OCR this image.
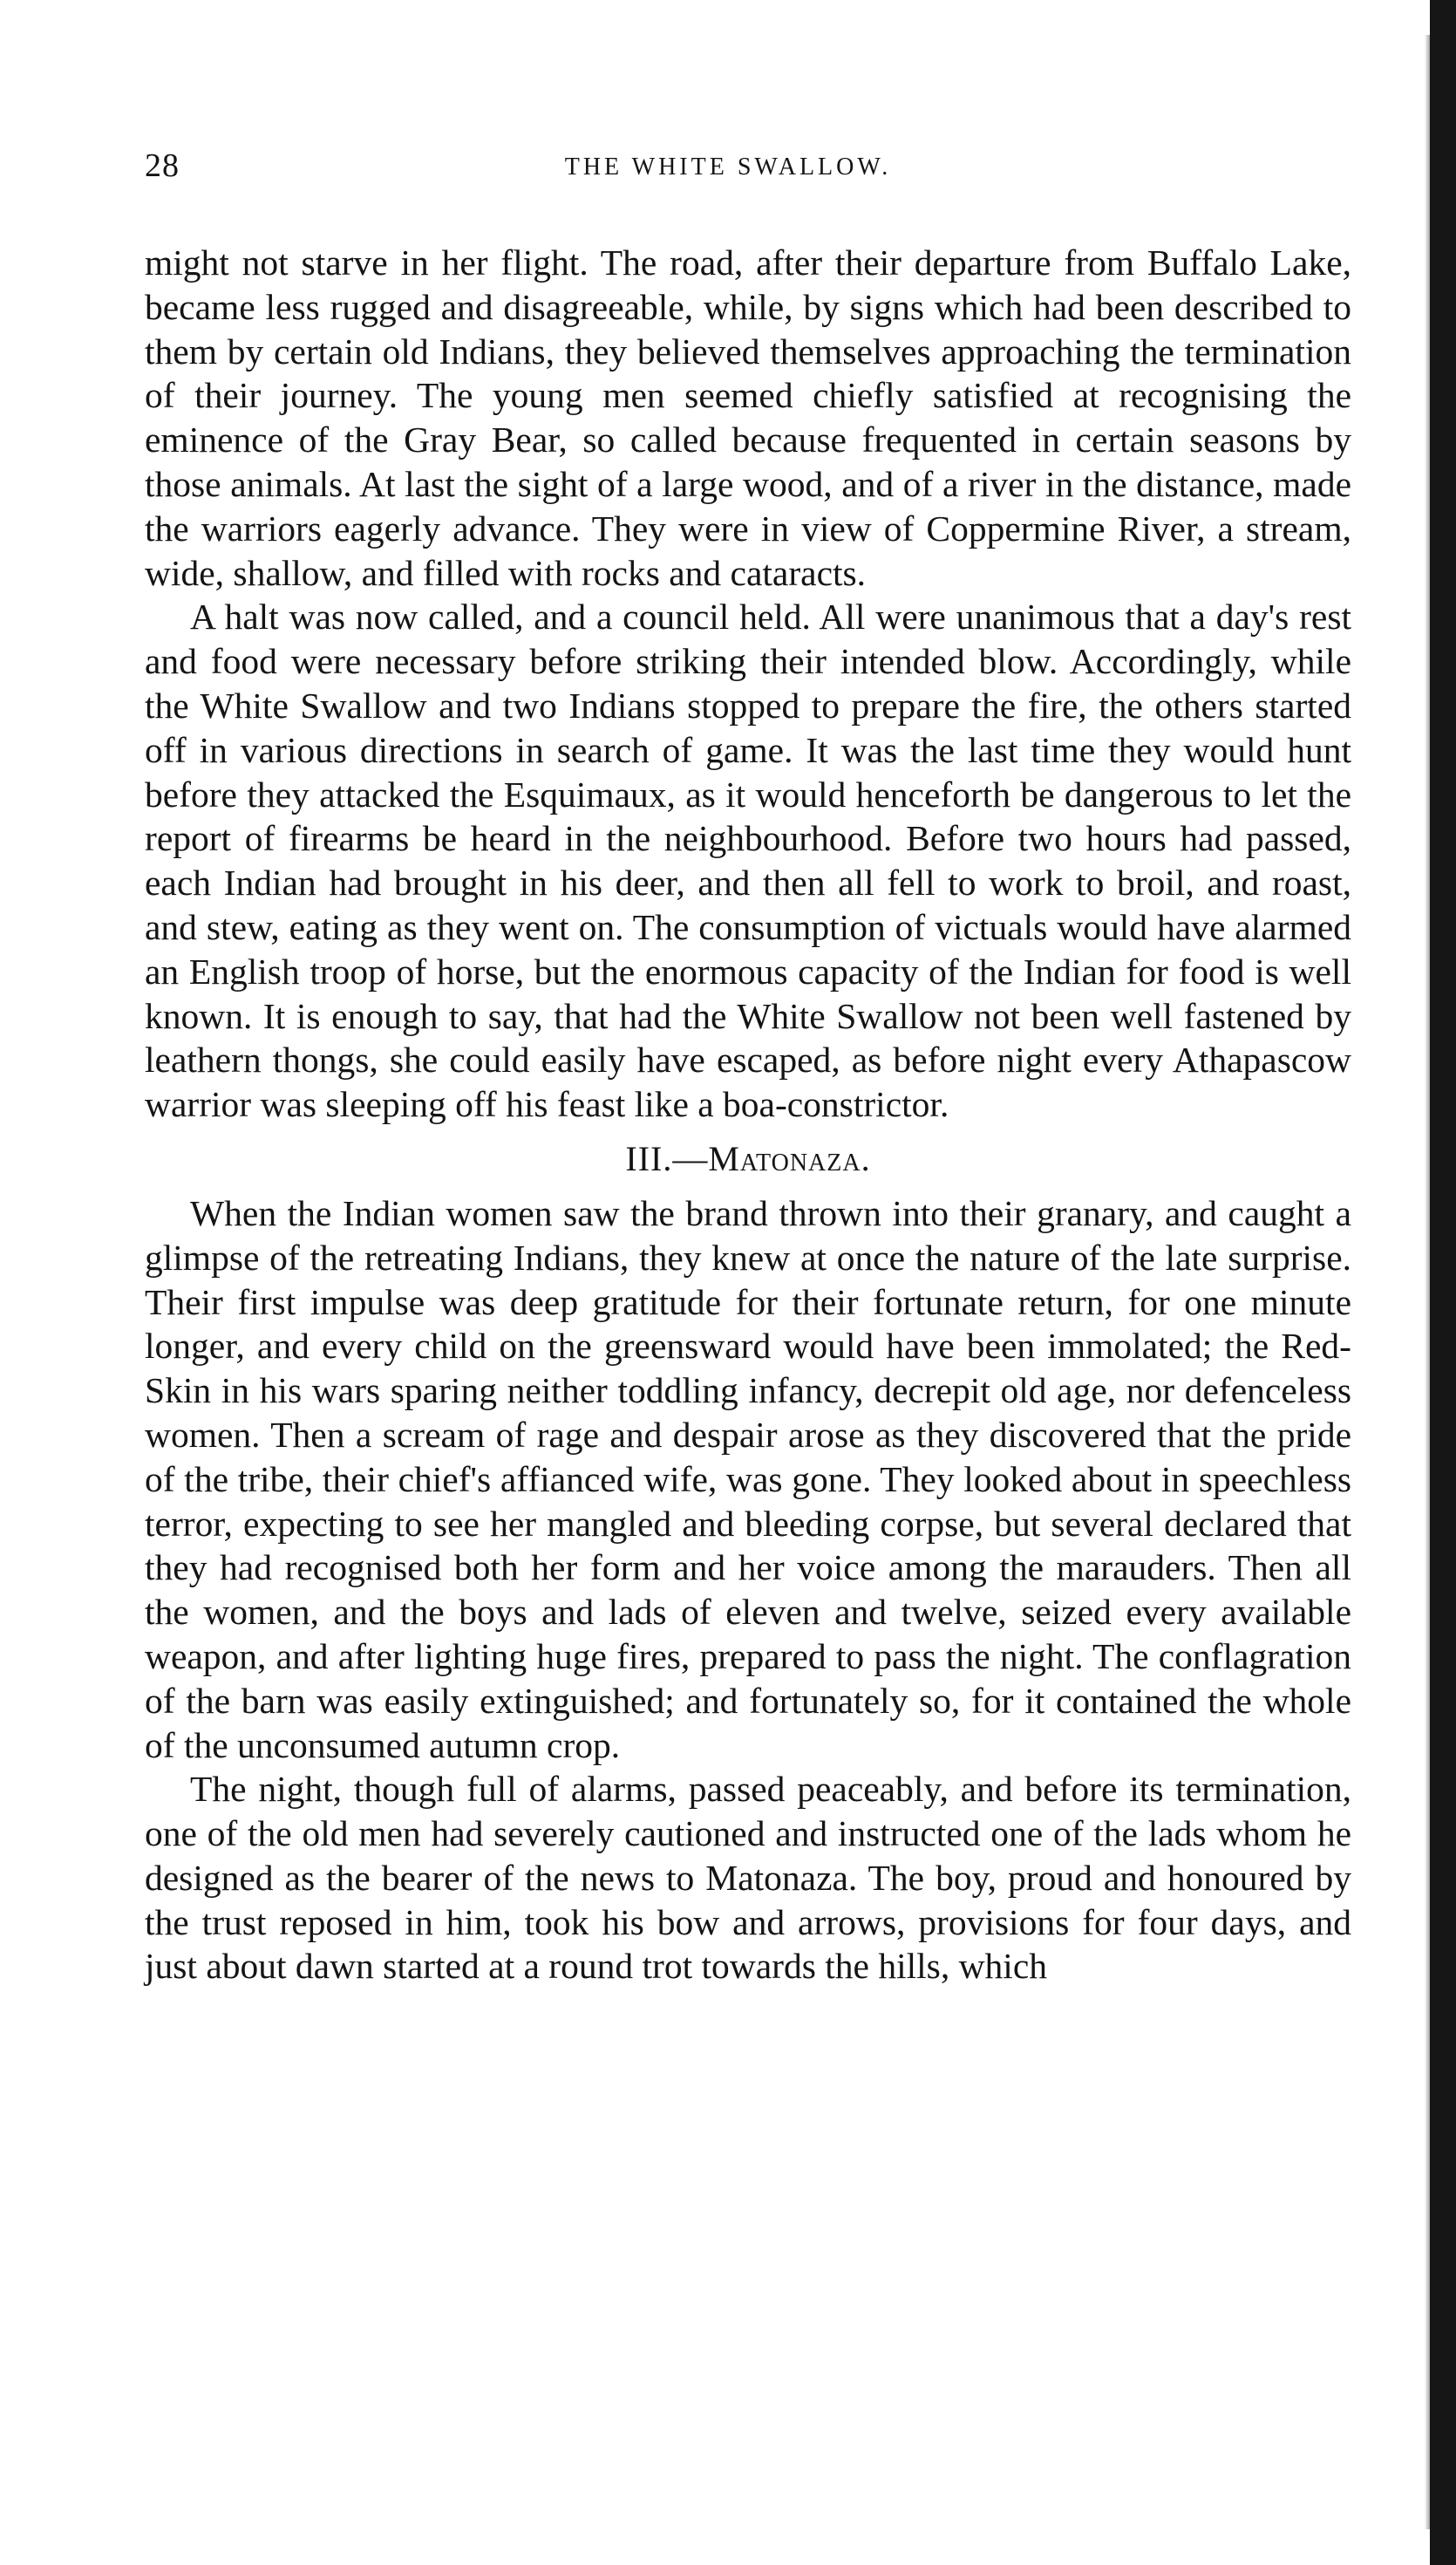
28	THE WHITE SWALLOW.

might not starve in her flight. The road, after their departure from Buffalo Lake, became less rugged and disagreeable, while, by signs which had been described to them by certain old Indians, they believed themselves approaching the termination of their journey. The young men seemed chiefly satisfied at recognising the eminence of the Gray Bear, so called because frequented in certain seasons by those animals. At last the sight of a large wood, and of a river in the distance, made the warriors eagerly advance. They were in view of Coppermine River, a stream, wide, shallow, and filled with rocks and cataracts.

A halt was now called, and a council held. All were unanimous that a day's rest and food were necessary before striking their intended blow. Accordingly, while the White Swallow and two Indians stopped to prepare the fire, the others started off in various directions in search of game. It was the last time they would hunt before they attacked the Esquimaux, as it would henceforth be dangerous to let the report of firearms be heard in the neighbourhood. Before two hours had passed, each Indian had brought in his deer, and then all fell to work to broil, and roast, and stew, eating as they went on. The consumption of victuals would have alarmed an English troop of horse, but the enormous capacity of the Indian for food is well known. It is enough to say, that had the White Swallow not been well fastened by leathern thongs, she could easily have escaped, as before night every Athapascow warrior was sleeping off his feast like a boa-constrictor.

III.—Matonaza.

When the Indian women saw the brand thrown into their granary, and caught a glimpse of the retreating Indians, they knew at once the nature of the late surprise. Their first impulse was deep gratitude for their fortunate return, for one minute longer, and every child on the greensward would have been immolated; the Red-Skin in his wars sparing neither toddling infancy, decrepit old age, nor defenceless women. Then a scream of rage and despair arose as they discovered that the pride of the tribe, their chief's affianced wife, was gone. They looked about in speechless terror, expecting to see her mangled and bleeding corpse, but several declared that they had recognised both her form and her voice among the marauders. Then all the women, and the boys and lads of eleven and twelve, seized every available weapon, and after lighting huge fires, prepared to pass the night. The conflagration of the barn was easily extinguished; and fortunately so, for it contained the whole of the unconsumed autumn crop.

The night, though full of alarms, passed peaceably, and before its termination, one of the old men had severely cautioned and instructed one of the lads whom he designed as the bearer of the news to Matonaza. The boy, proud and honoured by the trust reposed in him, took his bow and arrows, provisions for four days, and just about dawn started at a round trot towards the hills, which
